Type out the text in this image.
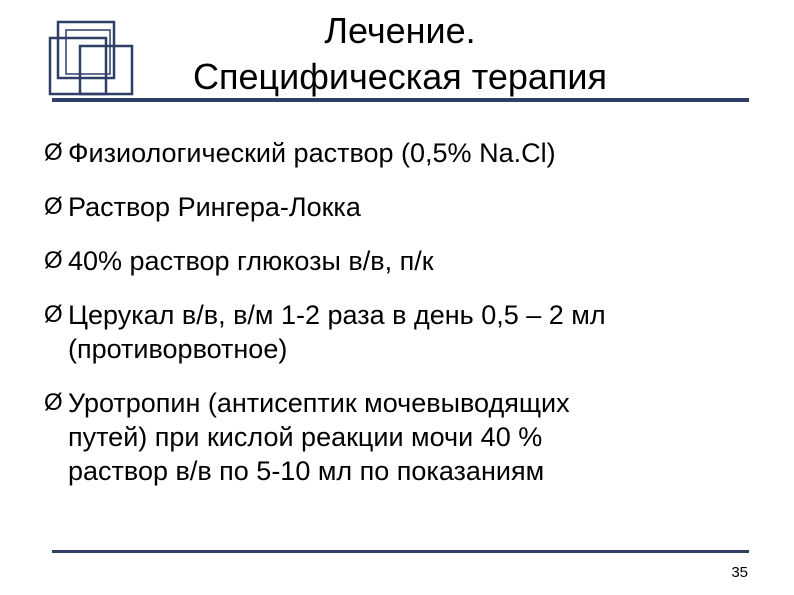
Лечение.
Специфическая терапия
Ø Физиологический раствор (0,5% Na.Cl)
Ø Раствор Рингера-Локка
Ø 40% раствор глюкозы в/в, п/к
Ø Церукал в/в, в/м 1-2 раза в день 0,5 – 2 мл
(противорвотное)
Ø Уротропин (антисептик мочевыводящих
путей) при кислой реакции мочи 40 %
раствор в/в по 5-10 мл по показаниям
35
